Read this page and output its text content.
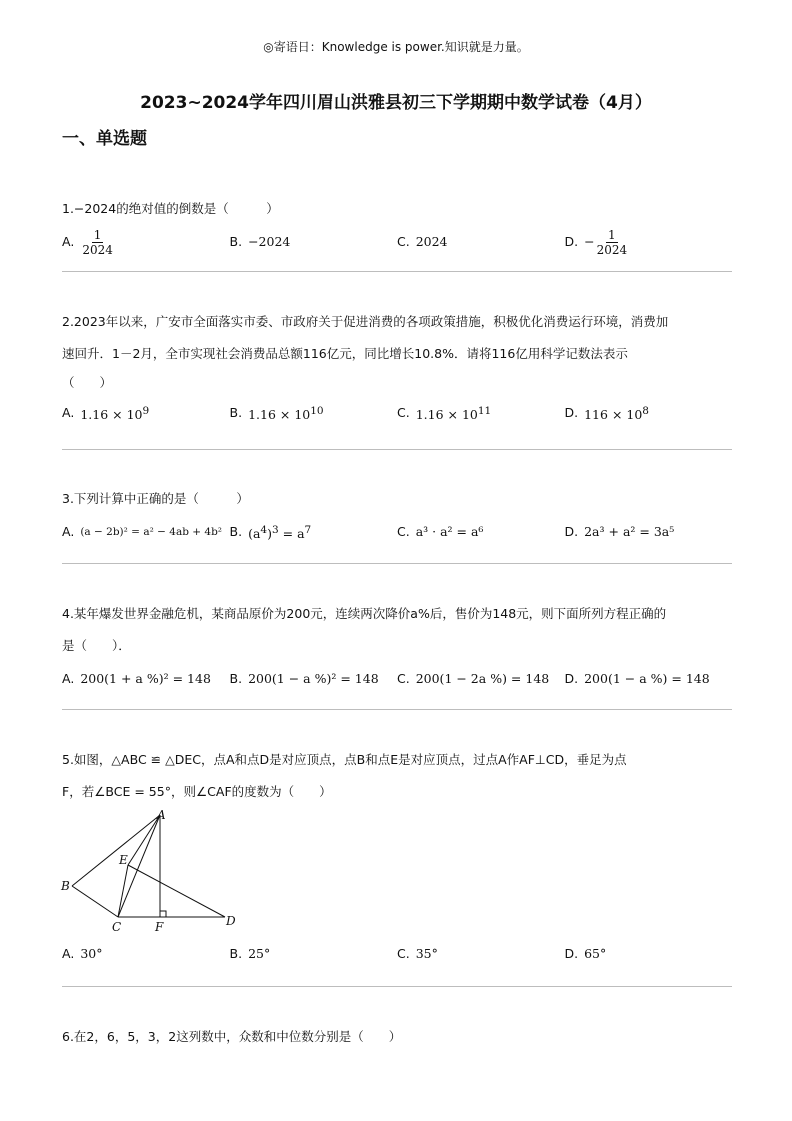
◎寄语日：Knowledge is power.知识就是力量。
2023~2024学年四川眉山洪雅县初三下学期期中数学试卷（4月）
一、单选题

1.−2024的绝对值的倒数是（　　　）

A. $\frac{1}{2024}$	B. −2024	C. 2024	D. − $\frac{1}{2024}$

2.2023年以来，广安市全面落实市委、市政府关于促进消费的各项政策措施，积极优化消费运行环境，消费加

速回升．1－2月，全市实现社会消费品总额116亿元，同比增长10.8%．请将116亿用科学记数法表示

（　　）

A. $1.16 \times 10^9$	B. $1.16 \times 10^{10}$	C. $1.16 \times 10^{11}$	D. $116 \times 10^8$

3.下列计算中正确的是（　　　）

A. (a − 2b)² = a² − 4ab + 4b² B. $(a^4)^3 = a^7$	C. a³ · a² = a⁶	D. 2a³ + a² = 3a⁵

4.某年爆发世界金融危机，某商品原价为200元，连续两次降价a%后，售价为148元，则下面所列方程正确的

是（　　）．

A. 200(1 + a %)² = 148 B. 200(1 − a %)² = 148 C. 200(1 − 2a %) = 148 D. 200(1 − a %) = 148

5.如图，△ABC ≌ △DEC，点A和点D是对应顶点，点B和点E是对应顶点，过点A作AF⊥CD，垂足为点

F，若∠BCE = 55°，则∠CAF的度数为（　　）

A
B
C	D
E
F
A. 30°	B. 25°	C. 35°	D. 65°

6.在2，6，5，3，2这列数中，众数和中位数分别是（　　）
